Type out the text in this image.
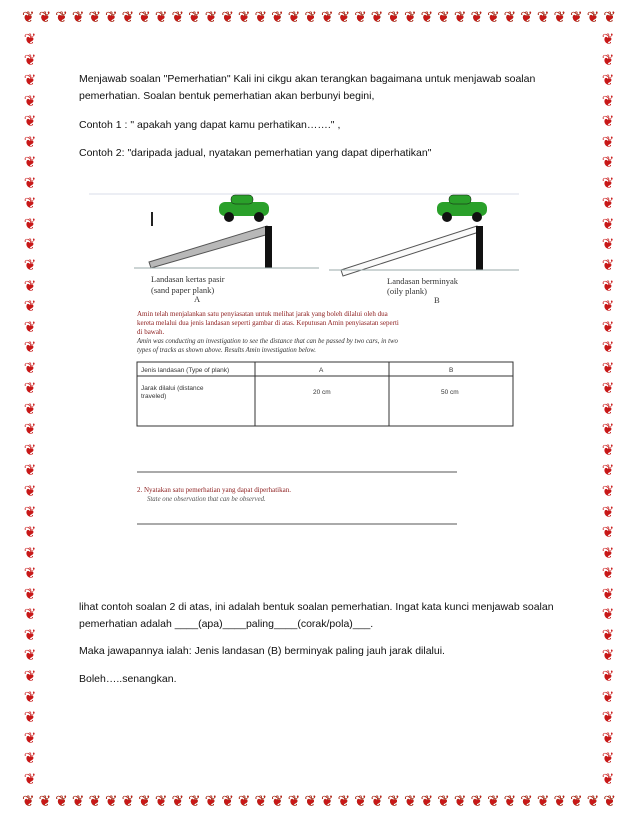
❦ ❦ ❦ ❦ ❦ ❦ ❦ ❦ ❦ ❦ ❦ ❦ ❦ ❦ ❦ ❦ ❦ ❦ ❦ ❦ ❦ ❦ ❦ ❦ ❦ ❦ ❦ ❦ ❦ ❦ ❦ ❦ ❦ ❦ ❦ ❦
❦ ❦ ❦ ❦ ❦ ❦ ❦ ❦ ❦ ❦ ❦ ❦ ❦ ❦ ❦ ❦ ❦ ❦ ❦ ❦ ❦ ❦ ❦ ❦ ❦ ❦ ❦ ❦ ❦ ❦ ❦ ❦ ❦ ❦ ❦ ❦
❦
❦
❦
❦
❦
❦
❦
❦
❦
❦
❦
❦
❦
❦
❦
❦
❦
❦
❦
❦
❦
❦
❦
❦
❦
❦
❦
❦
❦
❦
❦
❦
❦
❦
❦
❦
❦
❦
❦
❦
❦
❦
❦
❦
❦
❦
❦
❦
❦
❦
❦
❦
❦
❦
❦
❦
❦
❦
❦
❦
❦
❦
❦
❦
❦
❦
❦
❦
❦
❦
❦
❦
❦
❦
Menjawab soalan "Pemerhatian" Kali ini cikgu akan terangkan bagaimana untuk menjawab soalan
pemerhatian. Soalan bentuk pemerhatian akan berbunyi begini,
Contoh 1 : " apakah yang dapat kamu perhatikan……." ,
Contoh 2: "daripada jadual, nyatakan pemerhatian yang dapat diperhatikan"
Landasan kertas pasir
(sand paper plank)
A
Landasan berminyak
(oily plank)
B
Amin telah menjalankan satu penyiasatan untuk melihat jarak yang boleh dilalui oleh dua
kereta melalui dua jenis landasan seperti gambar di atas. Keputusan Amin penyiasatan seperti
di bawah.
Amin was conducting an investigation to see the distance that can be passed by two cars, in two
types of tracks as shown above. Results Amin investigation below.
Jenis landasan (Type of plank)	A	B
Jarak dilalui (distance
traveled)
20 cm	50 cm
2. Nyatakan satu pemerhatian yang dapat diperhatikan.
State one observation that can be observed.
lihat contoh soalan 2 di atas, ini adalah bentuk soalan pemerhatian. Ingat kata kunci menjawab soalan
pemerhatian adalah ____(apa)____paling____(corak/pola)___.
Maka jawapannya ialah: Jenis landasan (B) berminyak paling jauh jarak dilalui.
Boleh…..senangkan.
